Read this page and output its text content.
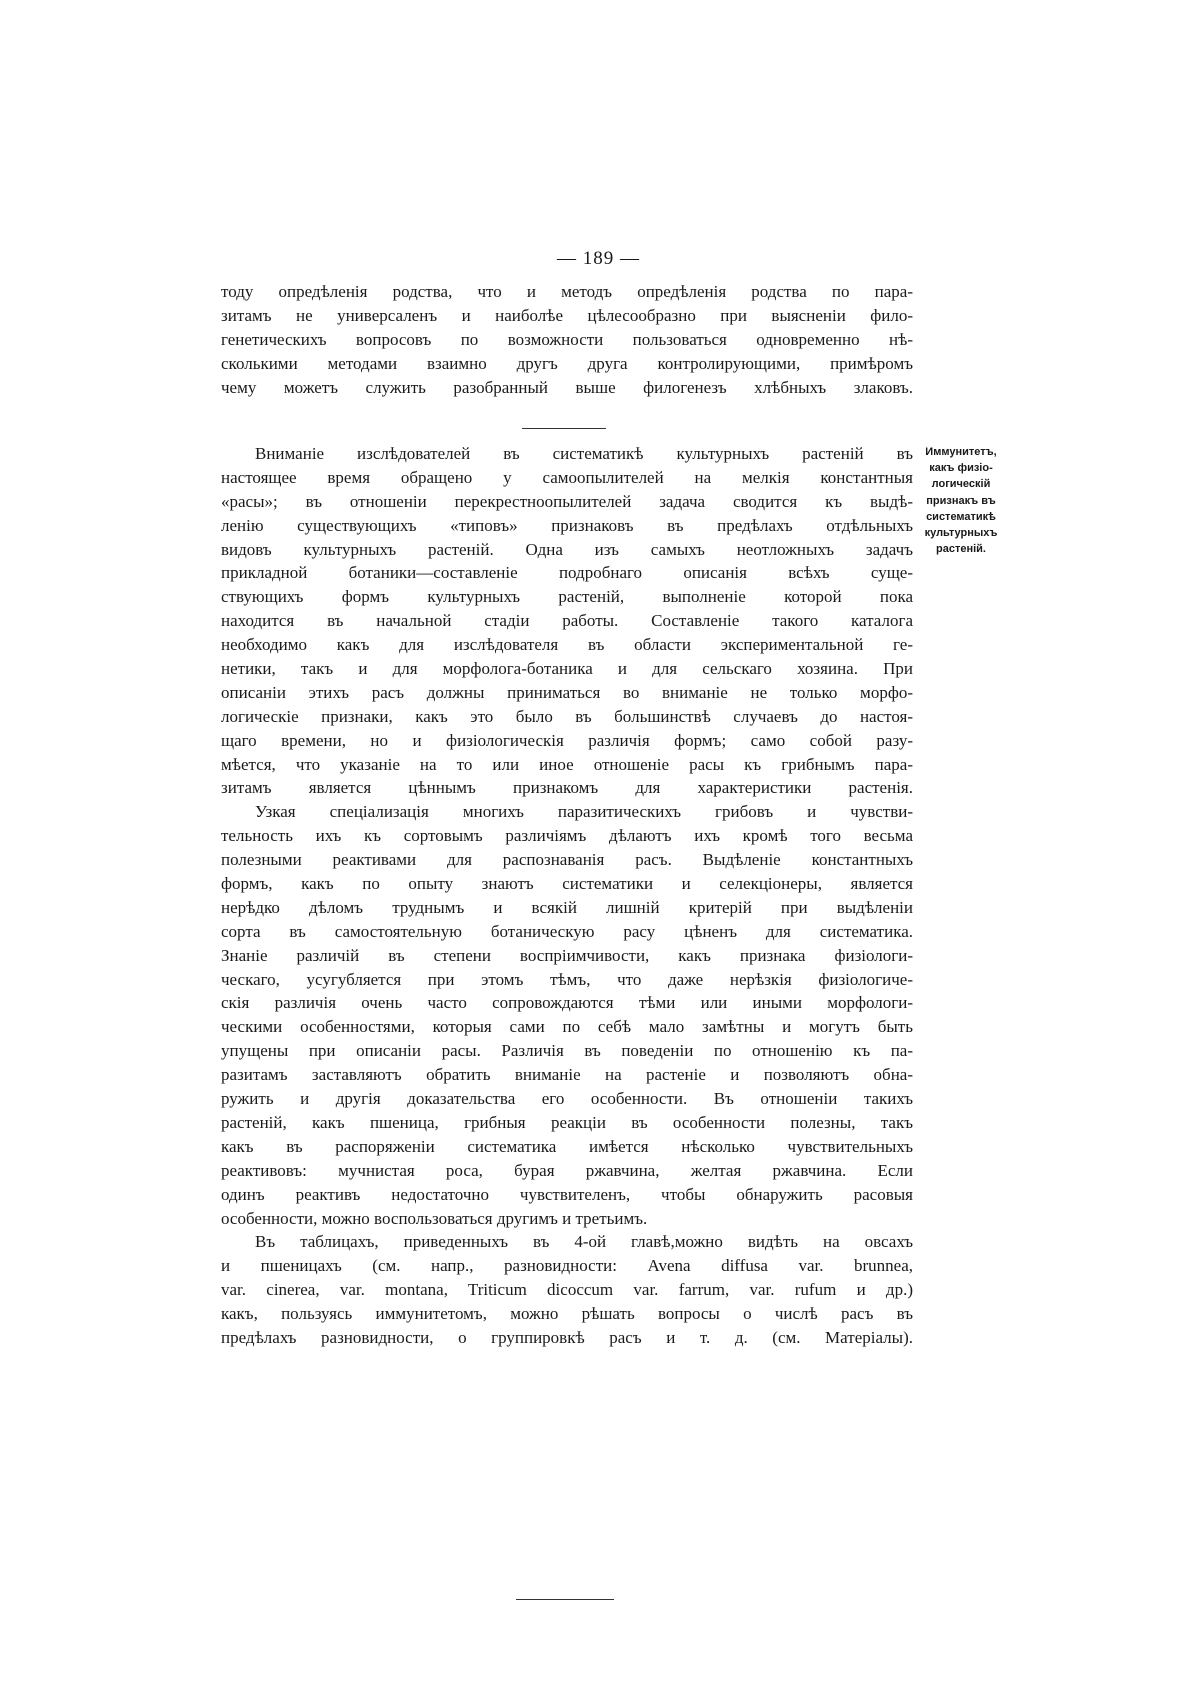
— 189 —
тоду опредѣленія родства, что и методъ опредѣленія родства по пара-
зитамъ не универсаленъ и наиболѣе цѣлесообразно при выясненіи фило-
генетическихъ вопросовъ по возможности пользоваться одновременно нѣ-
сколькими методами взаимно другъ друга контролирующими, примѣромъ
чему можетъ служить разобранный выше филогенезъ хлѣбныхъ злаковъ.
Иммунитетъ,
какъ физіо-
логическій
признакъ въ
систематикѣ
культурныхъ
растеній.
Вниманіе изслѣдователей въ систематикѣ культурныхъ растеній въ
настоящее время обращено у самоопылителей на мелкія константныя
«расы»; въ отношеніи перекрестноопылителей задача сводится къ выдѣ-
ленію существующихъ «типовъ» признаковъ въ предѣлахъ отдѣльныхъ
видовъ культурныхъ растеній. Одна изъ самыхъ неотложныхъ задачъ
прикладной ботаники—составленіе подробнаго описанія всѣхъ суще-
ствующихъ формъ культурныхъ растеній, выполненіе которой пока
находится въ начальной стадіи работы. Составленіе такого каталога
необходимо какъ для изслѣдователя въ области экспериментальной ге-
нетики, такъ и для морфолога-ботаника и для сельскаго хозяина. При
описаніи этихъ расъ должны приниматься во вниманіе не только морфо-
логическіе признаки, какъ это было въ большинствѣ случаевъ до настоя-
щаго времени, но и физіологическія различія формъ; само собой разу-
мѣется, что указаніе на то или иное отношеніе расы къ грибнымъ пара-
зитамъ является цѣннымъ признакомъ для характеристики растенія.
Узкая спеціализація многихъ паразитическихъ грибовъ и чувстви-
тельность ихъ къ сортовымъ различіямъ дѣлаютъ ихъ кромѣ того весьма
полезными реактивами для распознаванія расъ. Выдѣленіе константныхъ
формъ, какъ по опыту знаютъ систематики и селекціонеры, является
нерѣдко дѣломъ труднымъ и всякій лишній критерій при выдѣленіи
сорта въ самостоятельную ботаническую расу цѣненъ для систематика.
Знаніе различій въ степени воспріимчивости, какъ признака физіологи-
ческаго, усугубляется при этомъ тѣмъ, что даже нерѣзкія физіологиче-
скія различія очень часто сопровождаются тѣми или иными морфологи-
ческими особенностями, которыя сами по себѣ мало замѣтны и могутъ быть
упущены при описаніи расы. Различія въ поведеніи по отношенію къ па-
разитамъ заставляютъ обратить вниманіе на растеніе и позволяютъ обна-
ружить и другія доказательства его особенности. Въ отношеніи такихъ
растеній, какъ пшеница, грибныя реакціи въ особенности полезны, такъ
какъ въ распоряженіи систематика имѣется нѣсколько чувствительныхъ
реактивовъ: мучнистая роса, бурая ржавчина, желтая ржавчина. Если
одинъ реактивъ недостаточно чувствителенъ, чтобы обнаружить расовыя
особенности, можно воспользоваться другимъ и третьимъ.
Въ таблицахъ, приведенныхъ въ 4-ой главѣ,можно видѣть на овсахъ
и пшеницахъ (см. напр., разновидности: Avena diffusa var. brunnea,
var. cinerea, var. montana, Triticum dicoccum var. farrum, var. rufum и др.)
какъ, пользуясь иммунитетомъ, можно рѣшать вопросы о числѣ расъ въ
предѣлахъ разновидности, о группировкѣ расъ и т. д. (см. Матеріалы).
